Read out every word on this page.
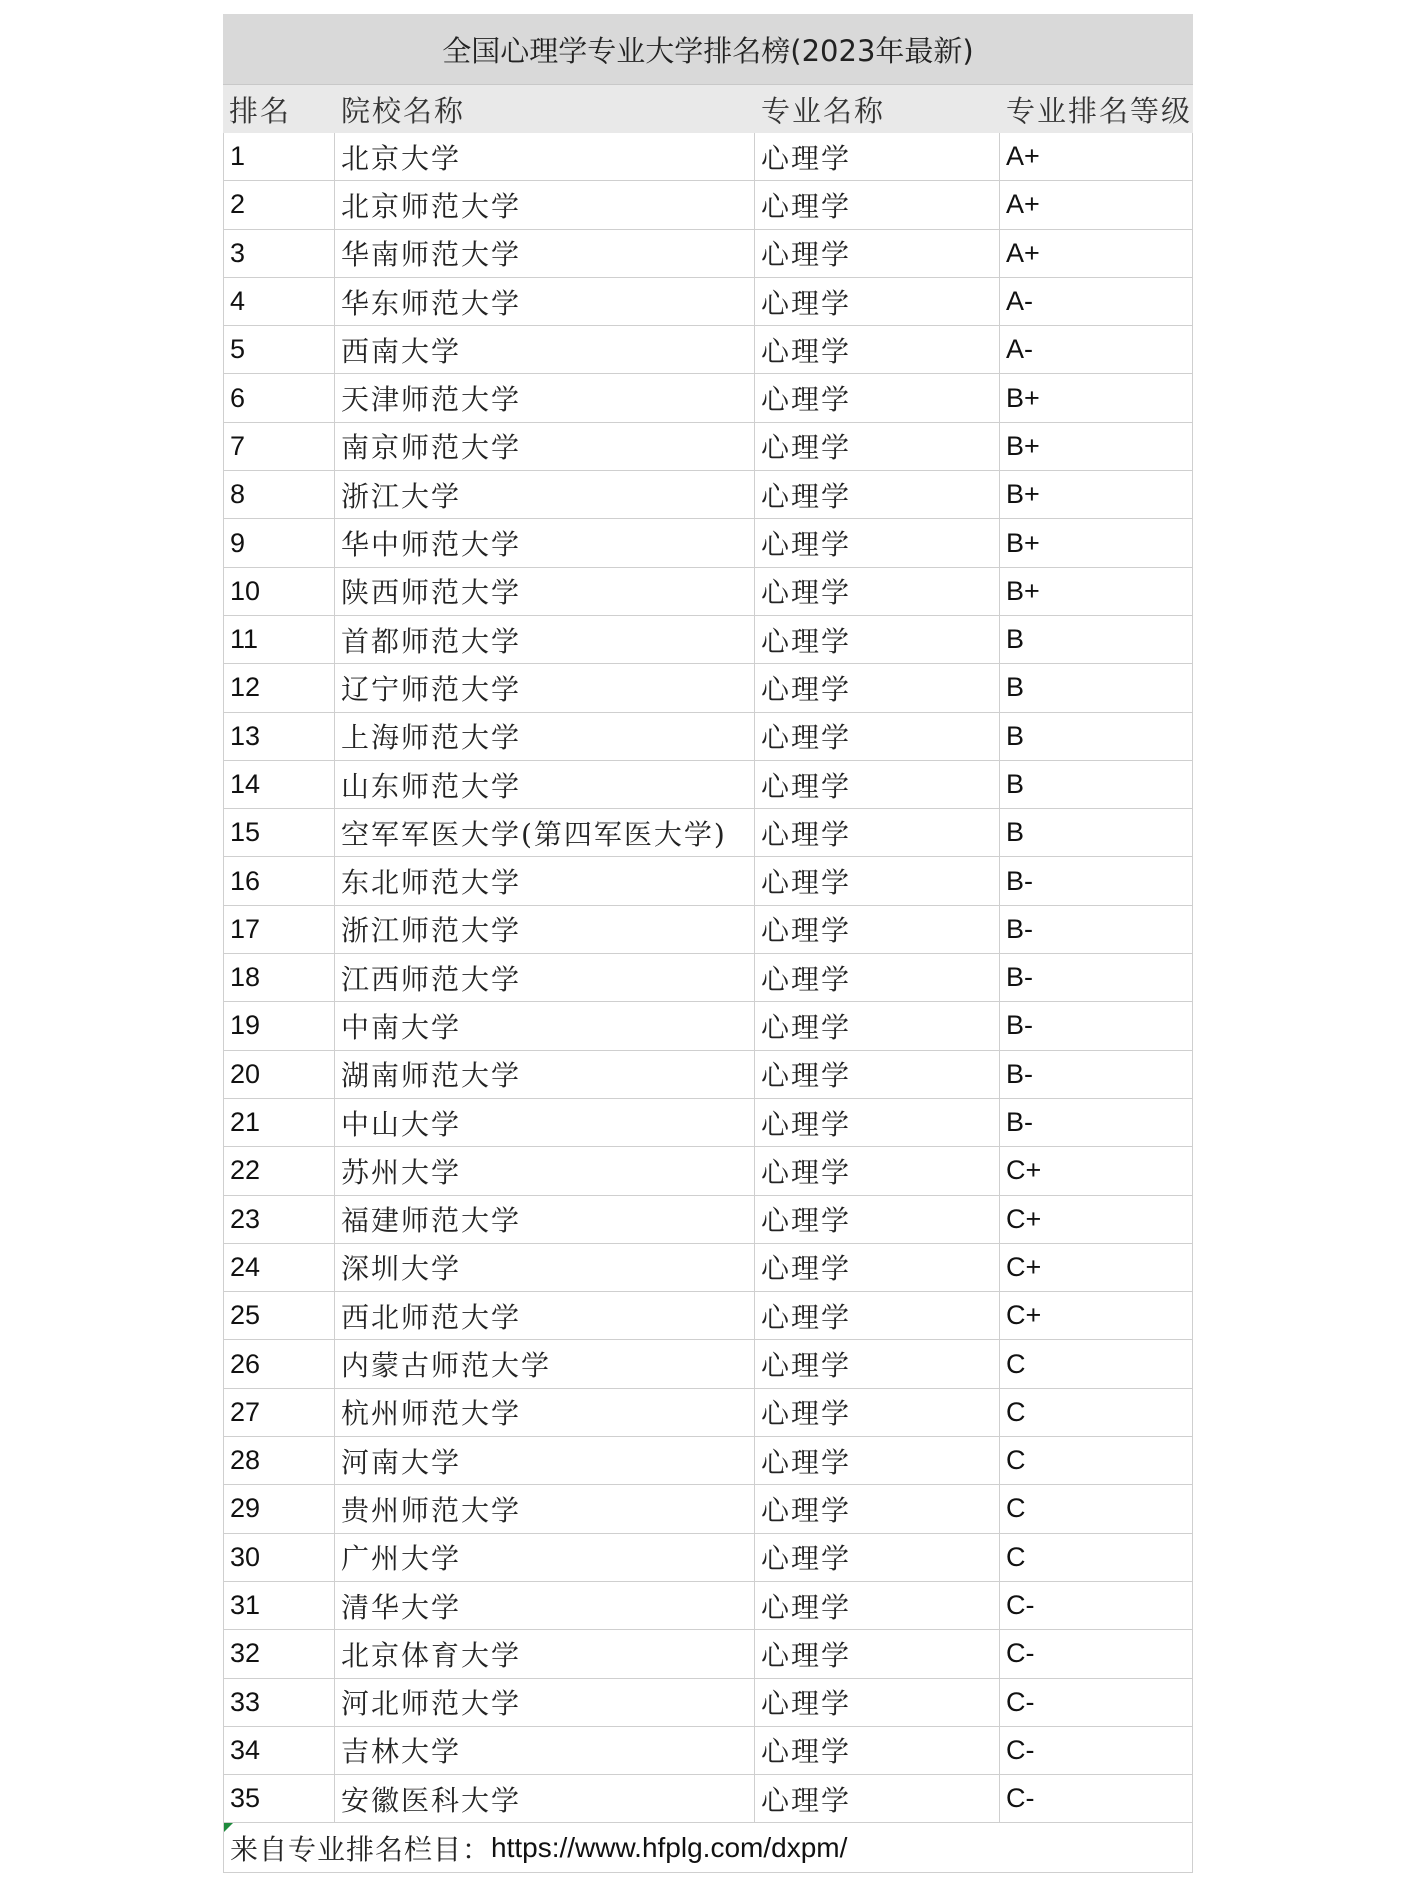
全国心理学专业大学排名榜(2023年最新)
排名	院校名称	专业名称	专业排名等级
1	北京大学	心理学	A+
2	北京师范大学	心理学	A+
3	华南师范大学	心理学	A+
4	华东师范大学	心理学	A-
5	西南大学	心理学	A-
6	天津师范大学	心理学	B+
7	南京师范大学	心理学	B+
8	浙江大学	心理学	B+
9	华中师范大学	心理学	B+
10	陕西师范大学	心理学	B+
11	首都师范大学	心理学	B
12	辽宁师范大学	心理学	B
13	上海师范大学	心理学	B
14	山东师范大学	心理学	B
15	空军军医大学(第四军医大学)	心理学	B
16	东北师范大学	心理学	B-
17	浙江师范大学	心理学	B-
18	江西师范大学	心理学	B-
19	中南大学	心理学	B-
20	湖南师范大学	心理学	B-
21	中山大学	心理学	B-
22	苏州大学	心理学	C+
23	福建师范大学	心理学	C+
24	深圳大学	心理学	C+
25	西北师范大学	心理学	C+
26	内蒙古师范大学	心理学	C
27	杭州师范大学	心理学	C
28	河南大学	心理学	C
29	贵州师范大学	心理学	C
30	广州大学	心理学	C
31	清华大学	心理学	C-
32	北京体育大学	心理学	C-
33	河北师范大学	心理学	C-
34	吉林大学	心理学	C-
35	安徽医科大学	心理学	C-
来自专业排名栏目： https://www.hfplg.com/dxpm/
